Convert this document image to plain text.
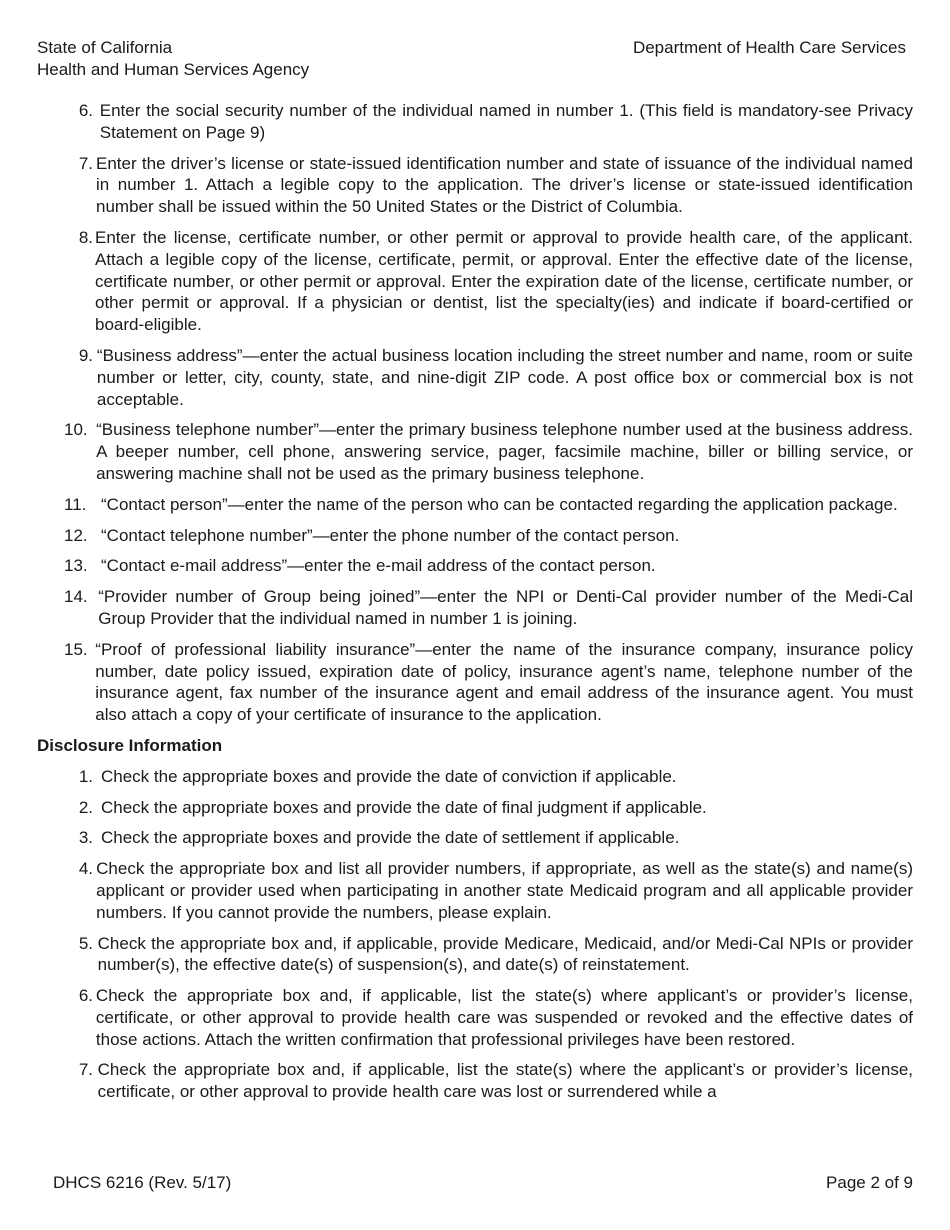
State of California
Health and Human Services Agency
Department of Health Care Services
6. Enter the social security number of the individual named in number 1. (This field is mandatory-see Privacy Statement on Page 9)
7. Enter the driver’s license or state-issued identification number and state of issuance of the individual named in number 1. Attach a legible copy to the application. The driver’s license or state-issued identification number shall be issued within the 50 United States or the District of Columbia.
8. Enter the license, certificate number, or other permit or approval to provide health care, of the applicant. Attach a legible copy of the license, certificate, permit, or approval. Enter the effective date of the license, certificate number, or other permit or approval. Enter the expiration date of the license, certificate number, or other permit or approval. If a physician or dentist, list the specialty(ies) and indicate if board-certified or board-eligible.
9. “Business address”—enter the actual business location including the street number and name, room or suite number or letter, city, county, state, and nine-digit ZIP code. A post office box or commercial box is not acceptable.
10. “Business telephone number”—enter the primary business telephone number used at the business address. A beeper number, cell phone, answering service, pager, facsimile machine, biller or billing service, or answering machine shall not be used as the primary business telephone.
11. “Contact person”—enter the name of the person who can be contacted regarding the application package.
12. “Contact telephone number”—enter the phone number of the contact person.
13. “Contact e-mail address”—enter the e-mail address of the contact person.
14. “Provider number of Group being joined”—enter the NPI or Denti-Cal provider number of the Medi-Cal Group Provider that the individual named in number 1 is joining.
15. “Proof of professional liability insurance”—enter the name of the insurance company, insurance policy number, date policy issued, expiration date of policy, insurance agent’s name, telephone number of the insurance agent, fax number of the insurance agent and email address of the insurance agent. You must also attach a copy of your certificate of insurance to the application.
Disclosure Information
1. Check the appropriate boxes and provide the date of conviction if applicable.
2. Check the appropriate boxes and provide the date of final judgment if applicable.
3. Check the appropriate boxes and provide the date of settlement if applicable.
4. Check the appropriate box and list all provider numbers, if appropriate, as well as the state(s) and name(s) applicant or provider used when participating in another state Medicaid program and all applicable provider numbers. If you cannot provide the numbers, please explain.
5. Check the appropriate box and, if applicable, provide Medicare, Medicaid, and/or Medi-Cal NPIs or provider number(s), the effective date(s) of suspension(s), and date(s) of reinstatement.
6. Check the appropriate box and, if applicable, list the state(s) where applicant’s or provider’s license, certificate, or other approval to provide health care was suspended or revoked and the effective dates of those actions. Attach the written confirmation that professional privileges have been restored.
7. Check the appropriate box and, if applicable, list the state(s) where the applicant’s or provider’s license, certificate, or other approval to provide health care was lost or surrendered while a
DHCS 6216 (Rev. 5/17)	Page 2 of 9
